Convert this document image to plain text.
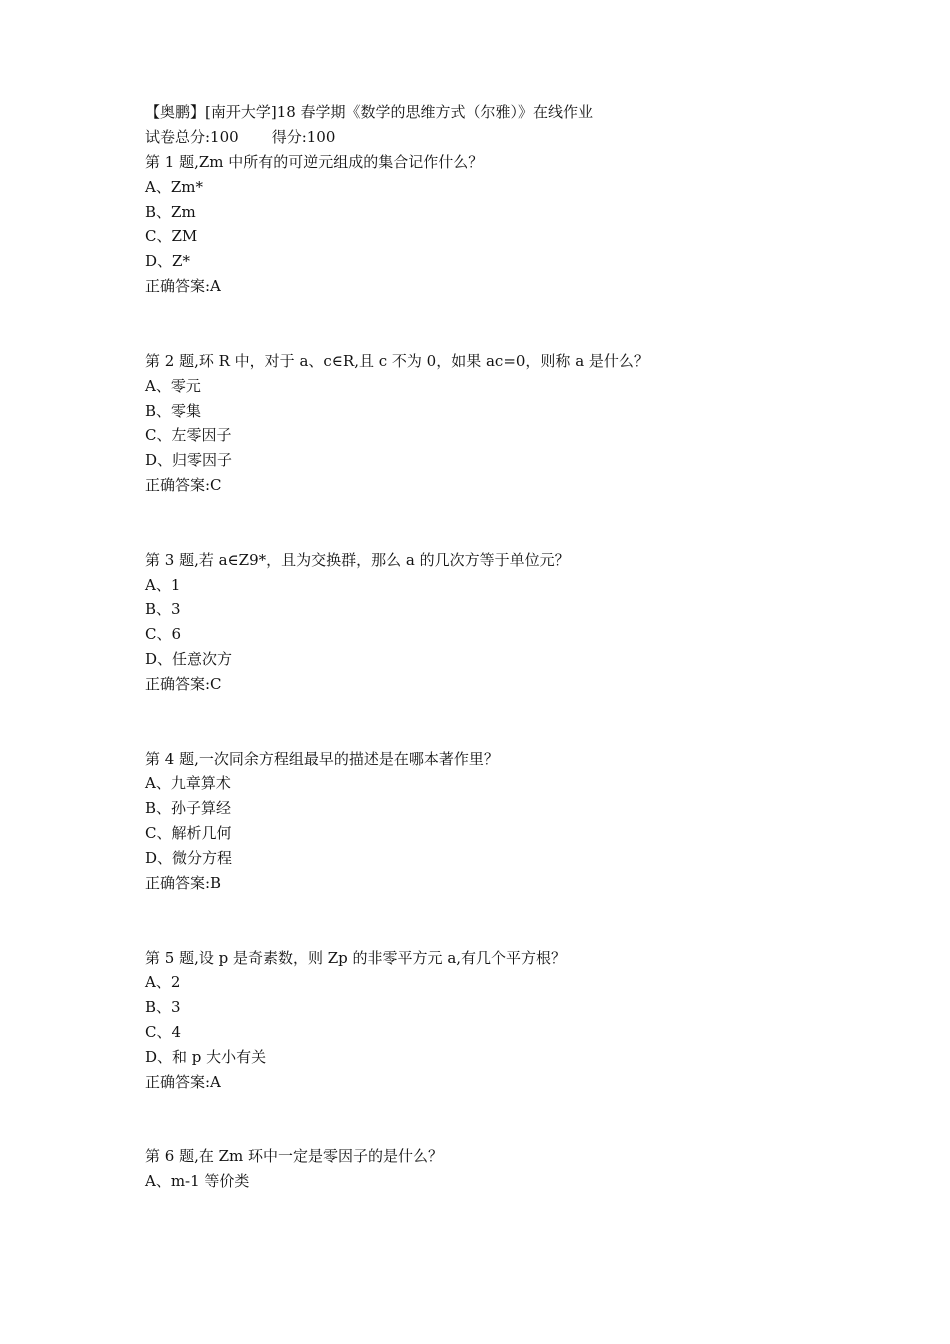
【奥鹏】[南开大学]18 春学期《数学的思维方式（尔雅）》在线作业
试卷总分:100 得分:100
第 1 题,Zm 中所有的可逆元组成的集合记作什么？
A、Zm*
B、Zm
C、ZM
D、Z*
正确答案:A
第 2 题,环 R 中，对于 a、c∈R,且 c 不为 0，如果 ac=0，则称 a 是什么？
A、零元
B、零集
C、左零因子
D、归零因子
正确答案:C
第 3 题,若 a∈Z9*，且为交换群，那么 a 的几次方等于单位元？
A、1
B、3
C、6
D、任意次方
正确答案:C
第 4 题,一次同余方程组最早的描述是在哪本著作里？
A、九章算术
B、孙子算经
C、解析几何
D、微分方程
正确答案:B
第 5 题,设 p 是奇素数，则 Zp 的非零平方元 a,有几个平方根？
A、2
B、3
C、4
D、和 p 大小有关
正确答案:A
第 6 题,在 Zm 环中一定是零因子的是什么？
A、m-1 等价类
